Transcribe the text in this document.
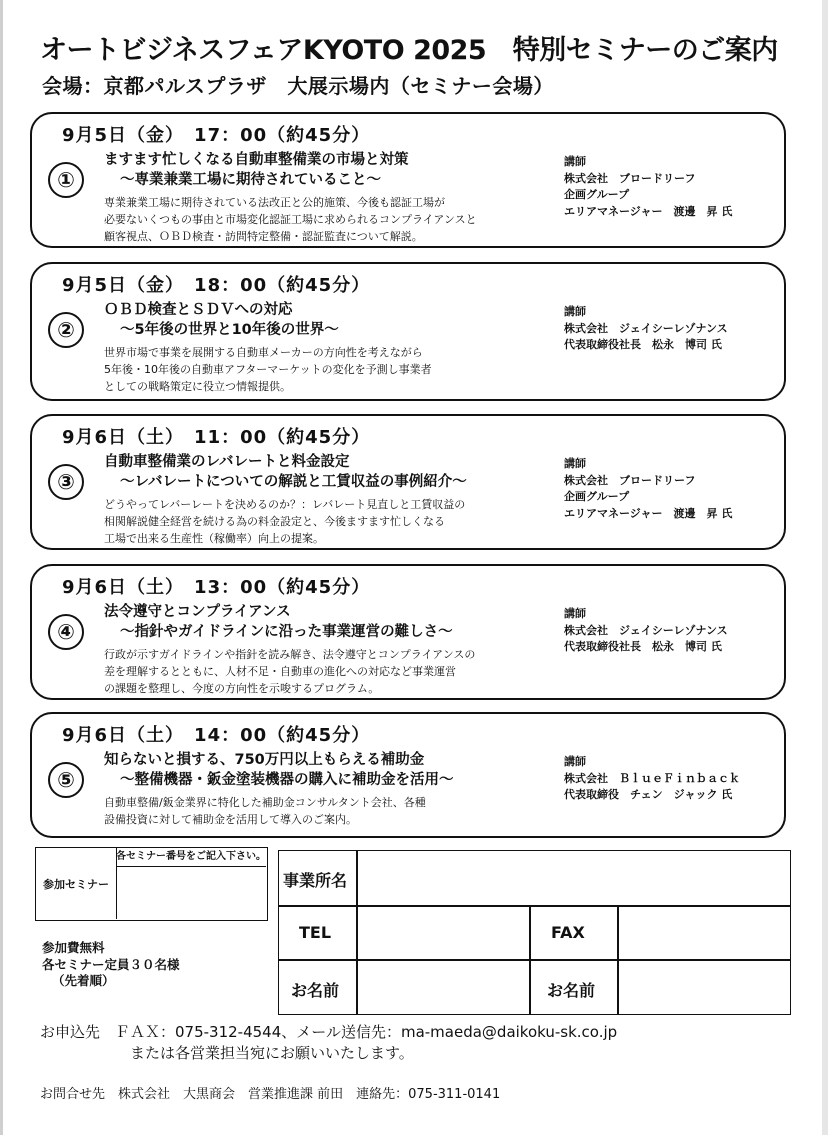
オートビジネスフェアKYOTO 2025　特別セミナーのご案内
会場：京都パルスプラザ　大展示場内（セミナー会場）
9月5日（金）　17：00（約45分）
①
ますます忙しくなる自動車整備業の市場と対策
～専業兼業工場に期待されていること～
専業兼業工場に期待されている法改正と公的施策、今後も認証工場が
必要ないくつもの事由と市場変化認証工場に求められるコンプライアンスと
顧客視点、ＯＢＤ検査・訪問特定整備・認証監査について解説。
講師
株式会社　ブロードリーフ
企画グループ
エリアマネージャー　渡邊　昇 氏
9月5日（金）　18：00（約45分）
②
ＯＢＤ検査とＳＤＶへの対応
～5年後の世界と10年後の世界～
世界市場で事業を展開する自動車メーカーの方向性を考えながら
5年後・10年後の自動車アフターマーケットの変化を予測し事業者
としての戦略策定に役立つ情報提供。
講師
株式会社　ジェイシーレゾナンス
代表取締役社長　松永　博司 氏
9月6日（土）　11：00（約45分）
③
自動車整備業のレバレートと料金設定
～レバレートについての解説と工賃収益の事例紹介～
どうやってレバーレートを決めるのか？：レバレート見直しと工賃収益の
相関解説健全経営を続ける為の料金設定と、今後ますます忙しくなる
工場で出来る生産性（稼働率）向上の提案。
講師
株式会社　ブロードリーフ
企画グループ
エリアマネージャー　渡邊　昇 氏
9月6日（土）　13：00（約45分）
④
法令遵守とコンプライアンス
～指針やガイドラインに沿った事業運営の難しさ～
行政が示すガイドラインや指針を読み解き、法令遵守とコンプライアンスの
差を理解するとともに、人材不足・自動車の進化への対応など事業運営
の課題を整理し、今度の方向性を示唆するプログラム。
講師
株式会社　ジェイシーレゾナンス
代表取締役社長　松永　博司 氏
9月6日（土）　14：00（約45分）
⑤
知らないと損する、750万円以上もらえる補助金
～整備機器・鈑金塗装機器の購入に補助金を活用～
自動車整備/鈑金業界に特化した補助金コンサルタント会社、各種
設備投資に対して補助金を活用して導入のご案内。
講師
株式会社　ＢｌｕｅＦｉｎｂａｃｋ
代表取締役　チェン　ジャック 氏
参加セミナー
各セミナー番号をご記入下さい。
参加費無料
各セミナー定員３０名様
（先着順）
事業所名
TEL	FAX
お名前	お名前
お申込先　ＦＡＸ：075-312-4544、メール送信先：ma-maeda@daikoku-sk.co.jp
または各営業担当宛にお願いいたします。
お問合せ先　株式会社　大黒商会　営業推進課 前田　連絡先：075-311-0141
